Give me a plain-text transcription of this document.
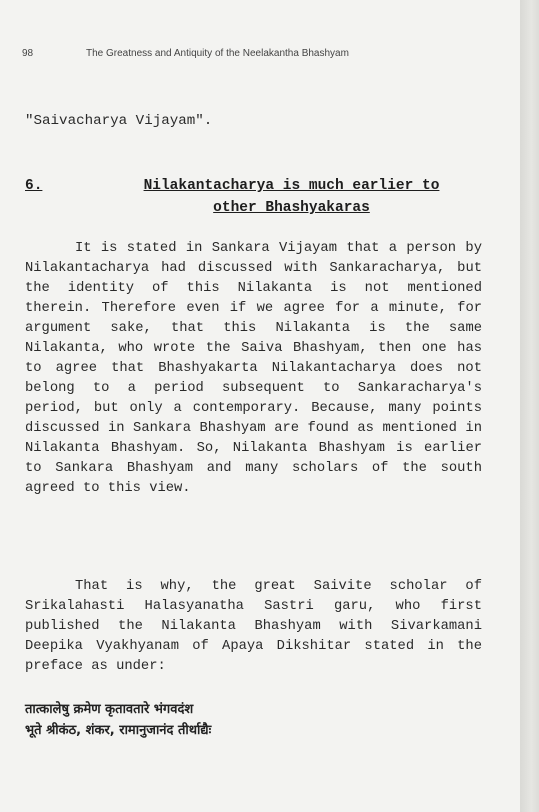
98	The Greatness and Antiquity of the Neelakantha Bhashyam
"Saivacharya Vijayam".
6.	Nilakantacharya is much earlier to
other Bhashyakaras

It is stated in Sankara Vijayam that a person by Nilakantacharya had discussed with Sankaracharya, but the identity of this Nilakanta is not mentioned therein. Therefore even if we agree for a minute, for argument sake, that this Nilakanta is the same Nilakanta, who wrote the Saiva Bhashyam, then one has to agree that Bhashyakarta Nilakantacharya does not belong to a period subsequent to Sankaracharya's period, but only a contemporary. Because, many points discussed in Sankara Bhashyam are found as mentioned in Nilakanta Bhashyam. So, Nilakanta Bhashyam is earlier to Sankara Bhashyam and many scholars of the south agreed to this view.

That is why, the great Saivite scholar of Srikalahasti Halasyanatha Sastri garu, who first published the Nilakanta Bhashyam with Sivarkamani Deepika Vyakhyanam of Apaya Dikshitar stated in the preface as under:

तात्कालेषु क्रमेण कृतावतारे भंगवदंश
भूते श्रीकंठ, शंकर, रामानुजानंद तीर्थाद्यैः
